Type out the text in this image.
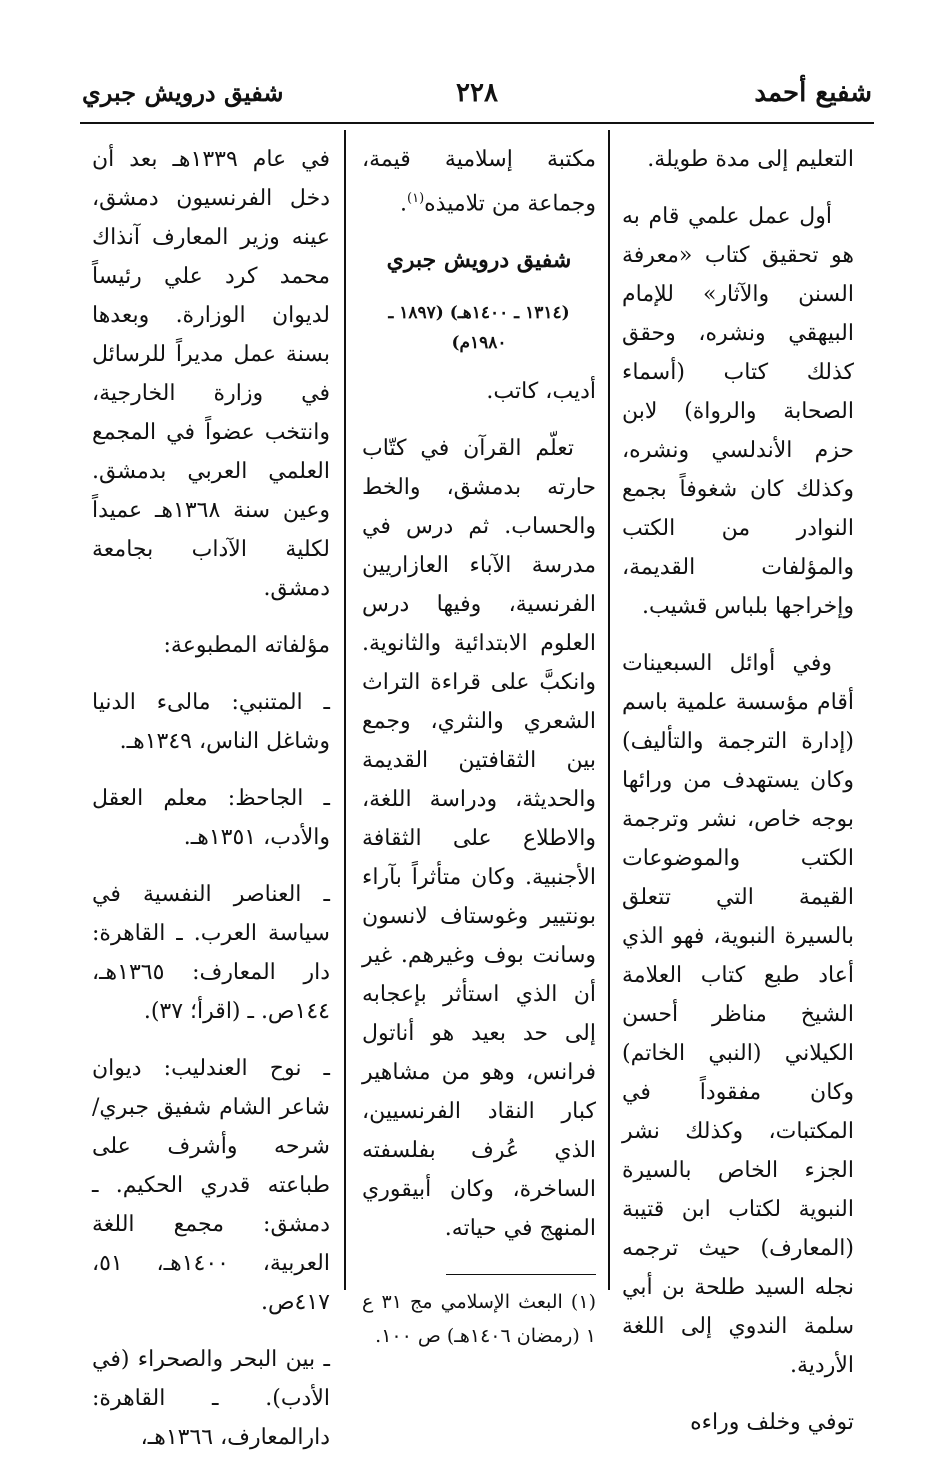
شفيع أحمد
٢٢٨
شفيق درويش جبري

التعليم إلى مدة طويلة.

أول عمل علمي قام به هو تحقيق كتاب «معرفة السنن والآثار» للإمام البيهقي ونشره، وحقق كذلك كتاب (أسماء الصحابة والرواة) لابن حزم الأندلسي ونشره، وكذلك كان شغوفاً بجمع النوادر من الكتب والمؤلفات القديمة، وإخراجها بلباس قشيب.

وفي أوائل السبعينات أقام مؤسسة علمية باسم (إدارة الترجمة والتأليف) وكان يستهدف من ورائها بوجه خاص، نشر وترجمة الكتب والموضوعات القيمة التي تتعلق بالسيرة النبوية، فهو الذي أعاد طبع كتاب العلامة الشيخ مناظر أحسن الكيلاني (النبي الخاتم) وكان مفقوداً في المكتبات، وكذلك نشر الجزء الخاص بالسيرة النبوية لكتاب ابن قتيبة (المعارف) حيث ترجمه نجله السيد طلحة بن أبي سلمة الندوي إلى اللغة الأردية.

توفي وخلف وراءه

مكتبة إسلامية قيمة، وجماعة من تلاميذه$^{(١)}$.

شفيق درويش جبري

(١٣١٤ ـ ١٤٠٠هـ) (١٨٩٧ ـ ١٩٨٠م)

أديب، كاتب.

تعلّم القرآن في كتّاب حارته بدمشق، والخط والحساب. ثم درس في مدرسة الآباء العازاريين الفرنسية، وفيها درس العلوم الابتدائية والثانوية. وانكبَّ على قراءة التراث الشعري والنثري، وجمع بين الثقافتين القديمة والحديثة، ودراسة اللغة، والاطلاع على الثقافة الأجنبية. وكان متأثراً بآراء بونتيير وغوستاف لانسون وسانت بوف وغيرهم. غير أن الذي استأثر بإعجابه إلى حد بعيد هو أناتول فرانس، وهو من مشاهير كبار النقاد الفرنسيين، الذي عُرف بفلسفته الساخرة، وكان أبيقوري المنهج في حياته.

(١) البعث الإسلامي مج ٣١ ع ١ (رمضان ١٤٠٦هـ) ص ١٠٠.

في عام ١٣٣٩هـ بعد أن دخل الفرنسيون دمشق، عينه وزير المعارف آنذاك محمد كرد علي رئيساً لديوان الوزارة. وبعدها بسنة عمل مديراً للرسائل في وزارة الخارجية، وانتخب عضواً في المجمع العلمي العربي بدمشق. وعين سنة ١٣٦٨هـ عميداً لكلية الآداب بجامعة دمشق.

مؤلفاته المطبوعة:

ـ المتنبي: مالىء الدنيا وشاغل الناس، ١٣٤٩هـ.

ـ الجاحظ: معلم العقل والأدب، ١٣٥١هـ.

ـ العناصر النفسية في سياسة العرب. ـ القاهرة: دار المعارف: ١٣٦٥هـ، ١٤٤ص. ـ (اقرأ؛ ٣٧).

ـ نوح العندليب: ديوان شاعر الشام شفيق جبري/ شرحه وأشرف على طباعته قدري الحكيم. ـ دمشق: مجمع اللغة العربية، ١٤٠٠هـ، ٥١، ٤١٧ص.

ـ بين البحر والصحراء (في الأدب). ـ القاهرة: دارالمعارف، ١٣٦٦هـ،
